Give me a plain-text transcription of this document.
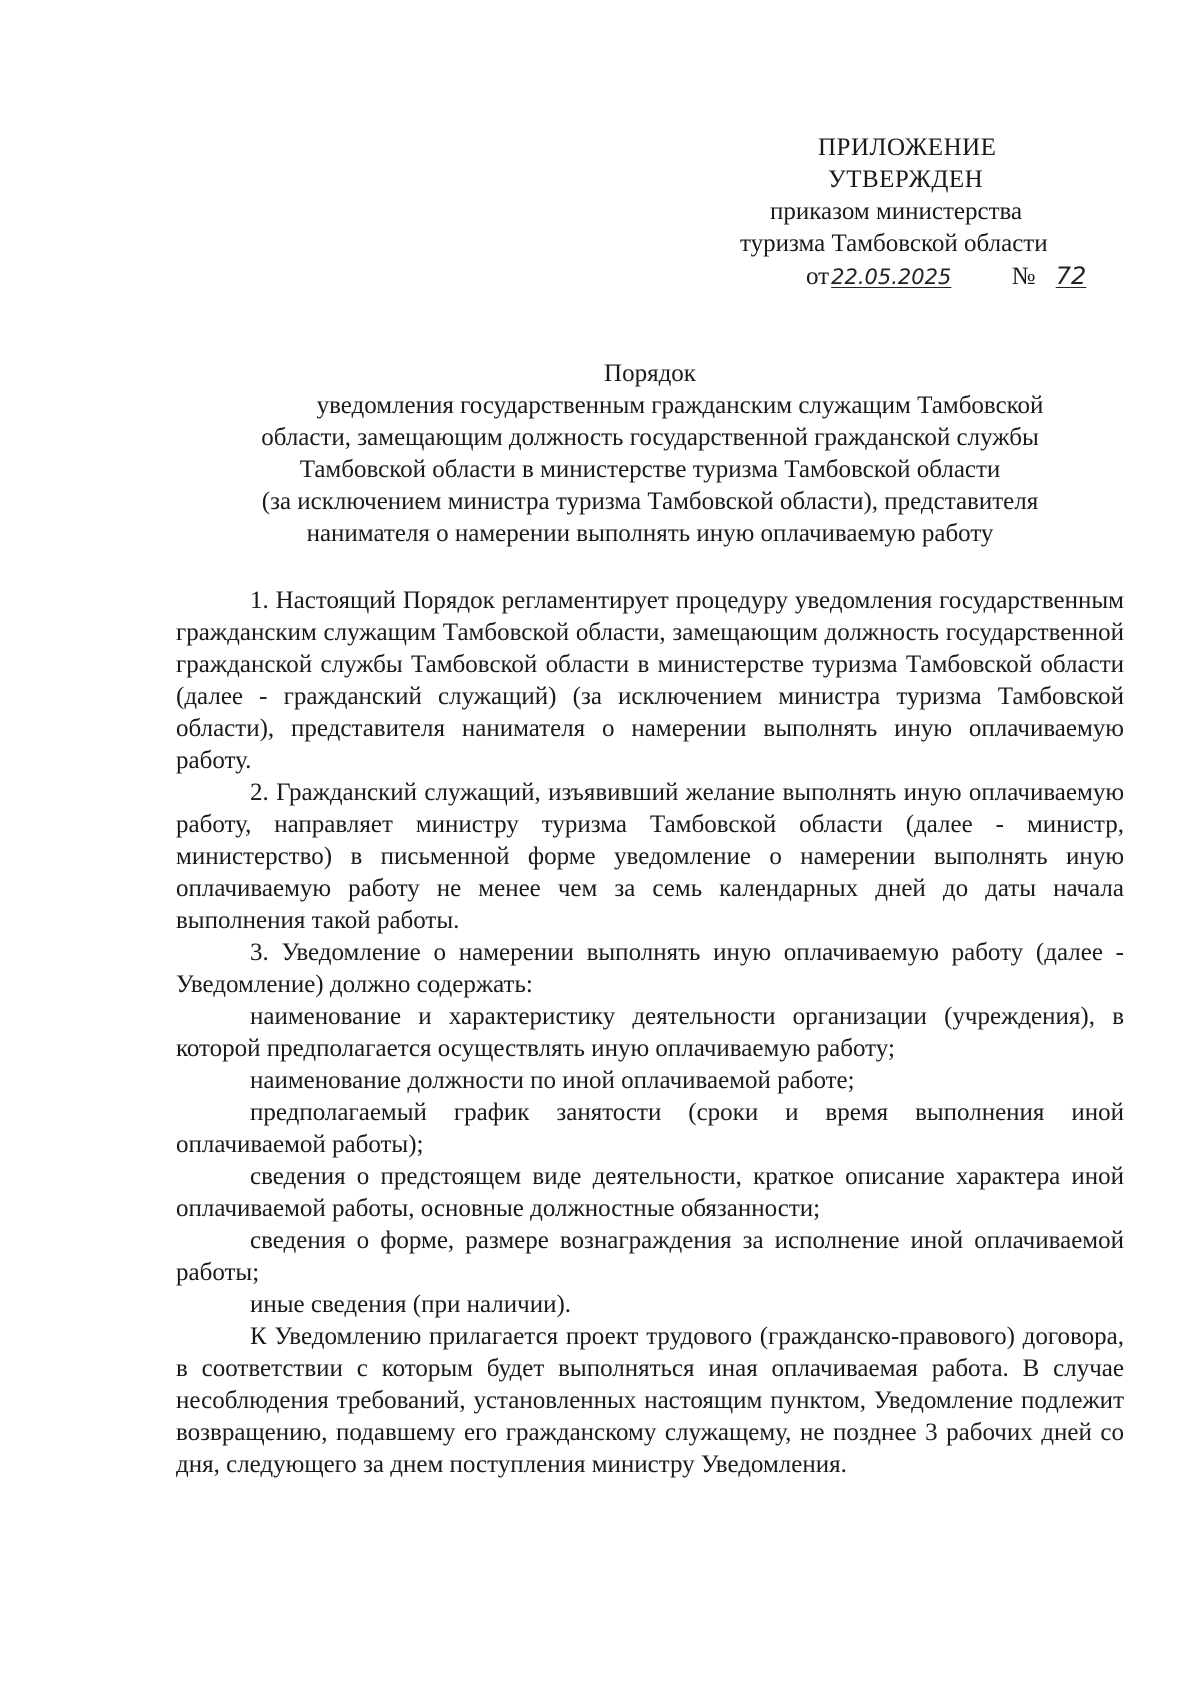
ПРИЛОЖЕНИЕ
УТВЕРЖДЕН
приказом министерства
туризма Тамбовской области
от22.05.2025 № 72
Порядок
уведомления государственным гражданским служащим Тамбовской
области, замещающим должность государственной гражданской службы
Тамбовской области в министерстве туризма Тамбовской области
(за исключением министра туризма Тамбовской области), представителя
нанимателя о намерении выполнять иную оплачиваемую работу

1. Настоящий Порядок регламентирует процедуру уведомления государственным гражданским служащим Тамбовской области, замещающим должность государственной гражданской службы Тамбовской области в министерстве туризма Тамбовской области (далее - гражданский служащий) (за исключением министра туризма Тамбовской области), представителя нанимателя о намерении выполнять иную оплачиваемую работу.

2. Гражданский служащий, изъявивший желание выполнять иную оплачиваемую работу, направляет министру туризма Тамбовской области (далее - министр, министерство) в письменной форме уведомление о намерении выполнять иную оплачиваемую работу не менее чем за семь календарных дней до даты начала выполнения такой работы.

3. Уведомление о намерении выполнять иную оплачиваемую работу (далее - Уведомление) должно содержать:

наименование и характеристику деятельности организации (учреждения), в которой предполагается осуществлять иную оплачиваемую работу;

наименование должности по иной оплачиваемой работе;

предполагаемый график занятости (сроки и время выполнения иной оплачиваемой работы);

сведения о предстоящем виде деятельности, краткое описание характера иной оплачиваемой работы, основные должностные обязанности;

сведения о форме, размере вознаграждения за исполнение иной оплачиваемой работы;

иные сведения (при наличии).

К Уведомлению прилагается проект трудового (гражданско-правового) договора, в соответствии с которым будет выполняться иная оплачиваемая работа. В случае несоблюдения требований, установленных настоящим пунктом, Уведомление подлежит возвращению, подавшему его гражданскому служащему, не позднее 3 рабочих дней со дня, следующего за днем поступления министру Уведомления.
